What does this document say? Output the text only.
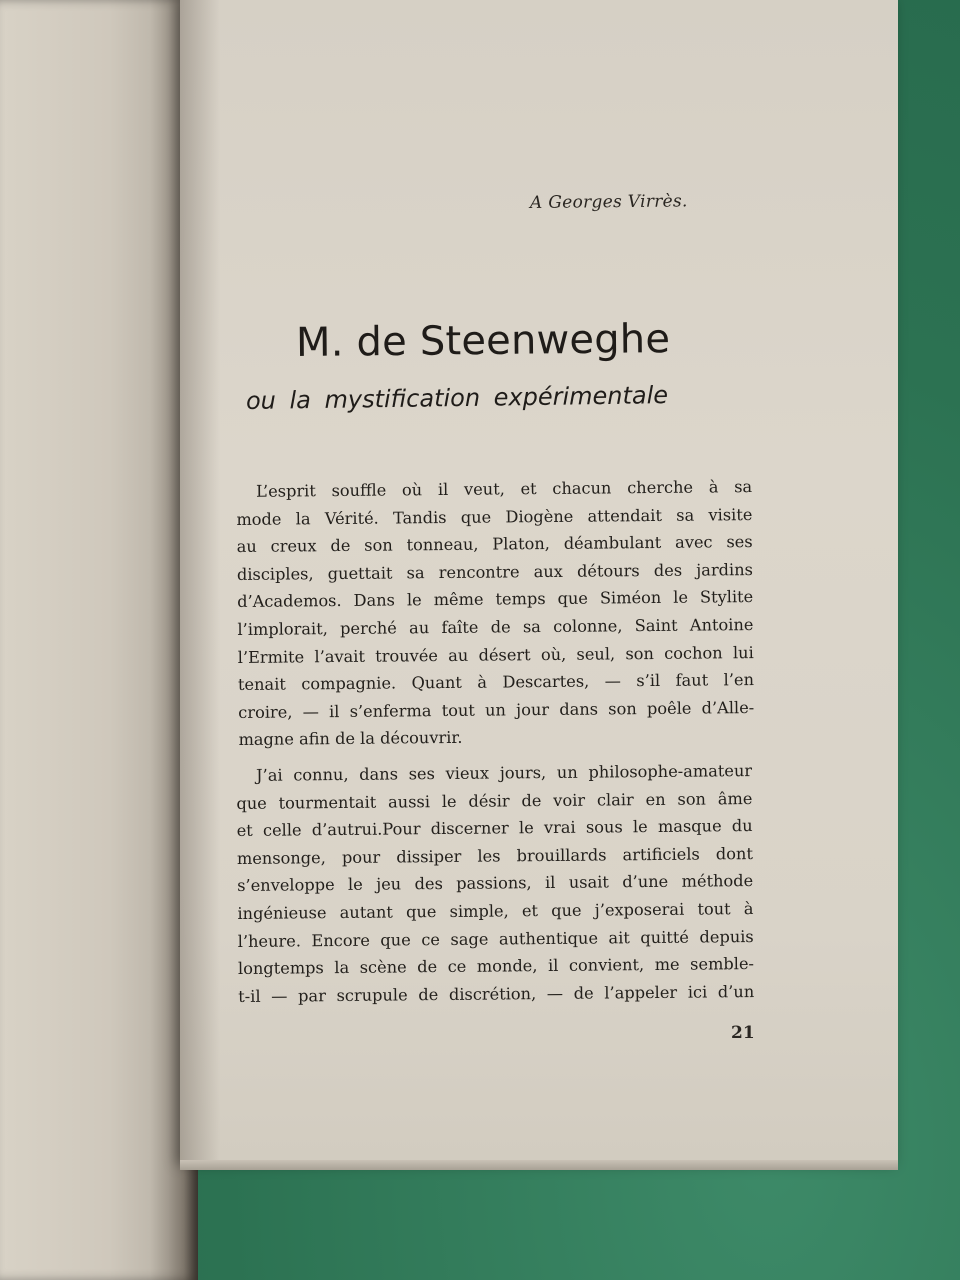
A Georges Virrès.
M. de Steenweghe
ou la mystification expérimentale
L’esprit souffle où il veut, et chacun cherche à sa
mode la Vérité. Tandis que Diogène attendait sa visite
au creux de son tonneau, Platon, déambulant avec ses
disciples, guettait sa rencontre aux détours des jardins
d’Academos. Dans le même temps que Siméon le Stylite
l’implorait, perché au faîte de sa colonne, Saint Antoine
l’Ermite l’avait trouvée au désert où, seul, son cochon lui
tenait compagnie. Quant à Descartes, — s’il faut l’en
croire, — il s’enferma tout un jour dans son poêle d’Alle-
magne afin de la découvrir.
J’ai connu, dans ses vieux jours, un philosophe-amateur
que tourmentait aussi le désir de voir clair en son âme
et celle d’autrui.Pour discerner le vrai sous le masque du
mensonge, pour dissiper les brouillards artificiels dont
s’enveloppe le jeu des passions, il usait d’une méthode
ingénieuse autant que simple, et que j’exposerai tout à
l’heure. Encore que ce sage authentique ait quitté depuis
longtemps la scène de ce monde, il convient, me semble-
t-il — par scrupule de discrétion, — de l’appeler ici d’un
21
